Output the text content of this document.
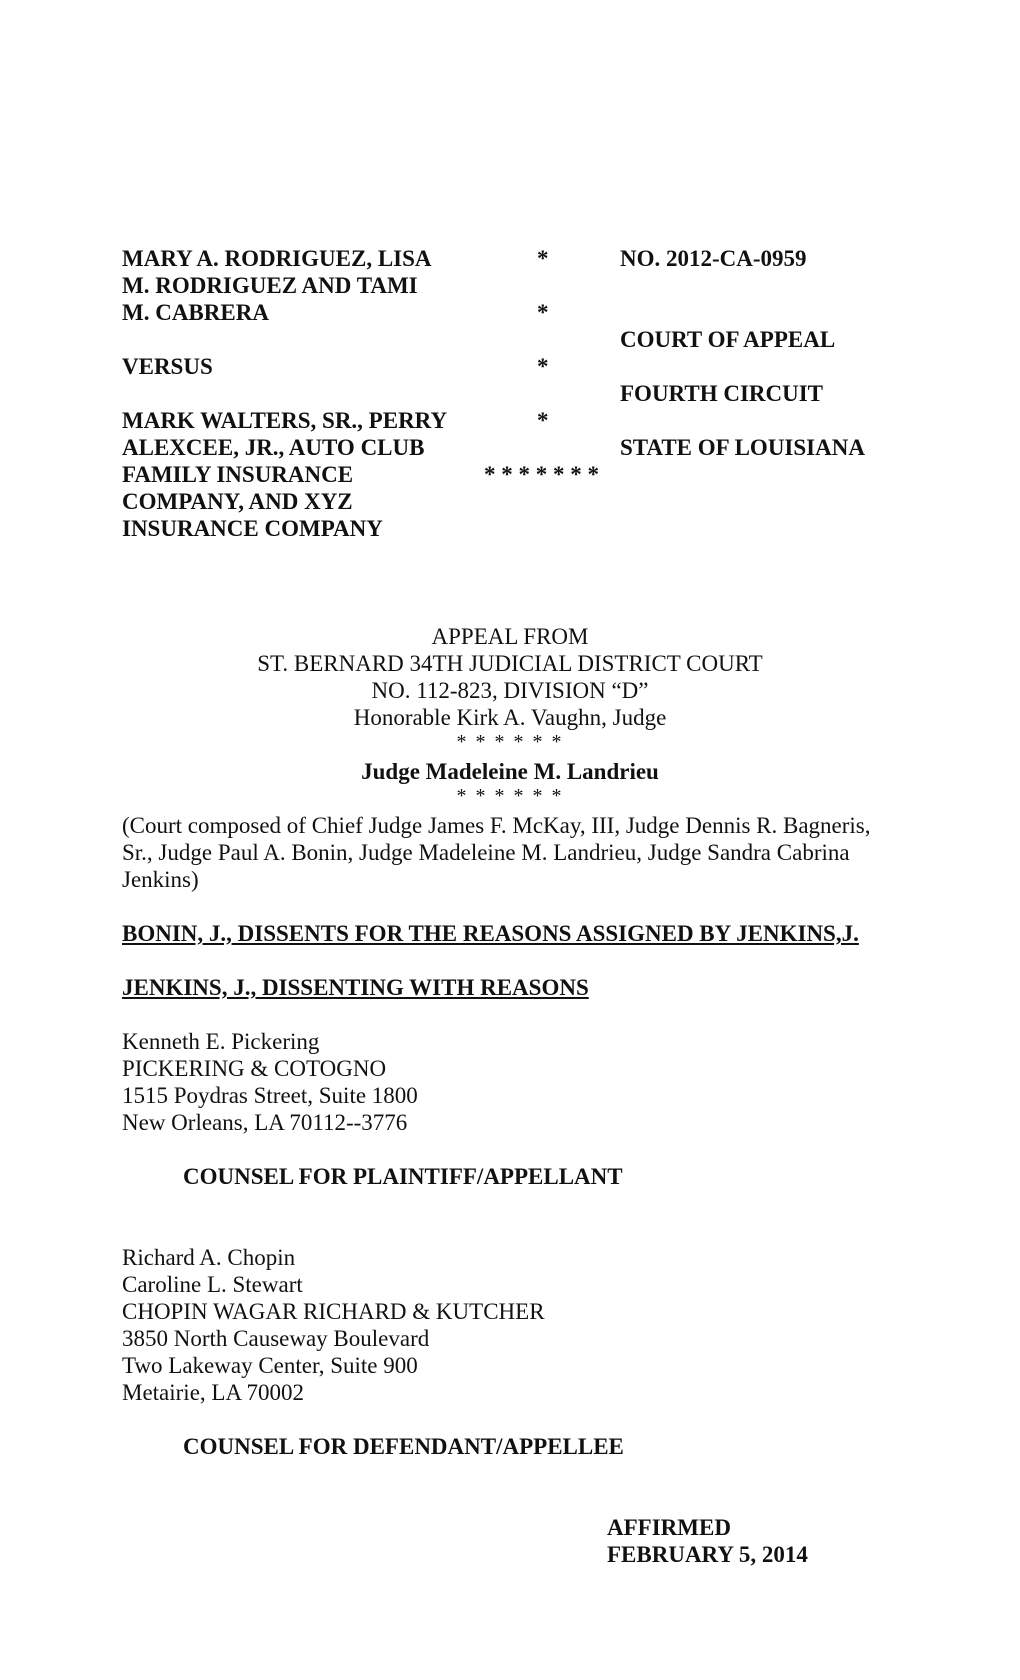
MARY A. RODRIGUEZ, LISA
M. RODRIGUEZ AND TAMI
M. CABRERA
VERSUS
MARK WALTERS, SR., PERRY
ALEXCEE, JR., AUTO CLUB
FAMILY INSURANCE
COMPANY, AND XYZ
INSURANCE COMPANY
*
*
*
*
* * * * * * *
NO. 2012-CA-0959
COURT OF APPEAL
FOURTH CIRCUIT
STATE OF LOUISIANA
APPEAL FROM
ST. BERNARD 34TH JUDICIAL DISTRICT COURT
NO. 112-823, DIVISION “D”
Honorable Kirk A. Vaughn, Judge
* * * * * *
Judge Madeleine M. Landrieu
* * * * * *
(Court composed of Chief Judge James F. McKay, III, Judge Dennis R. Bagneris,
Sr., Judge Paul A. Bonin, Judge Madeleine M. Landrieu, Judge Sandra Cabrina
Jenkins)
BONIN, J., DISSENTS FOR THE REASONS ASSIGNED BY JENKINS,J.
JENKINS, J., DISSENTING WITH REASONS
Kenneth E. Pickering
PICKERING & COTOGNO
1515 Poydras Street, Suite 1800
New Orleans, LA 70112--3776
COUNSEL FOR PLAINTIFF/APPELLANT
Richard A. Chopin
Caroline L. Stewart
CHOPIN WAGAR RICHARD & KUTCHER
3850 North Causeway Boulevard
Two Lakeway Center, Suite 900
Metairie, LA 70002
COUNSEL FOR DEFENDANT/APPELLEE
AFFIRMED
FEBRUARY 5, 2014
